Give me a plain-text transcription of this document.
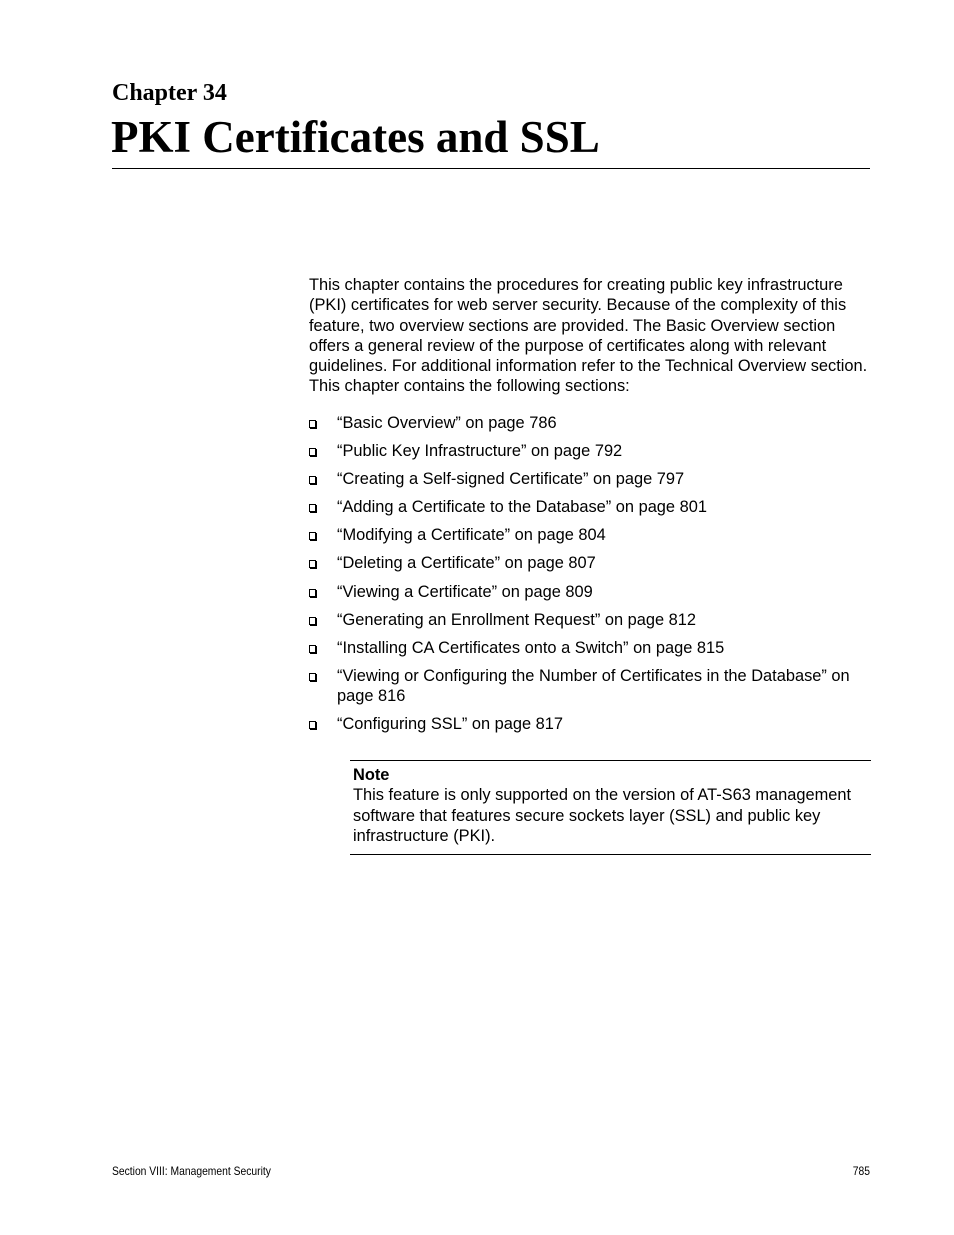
Chapter 34
PKI Certificates and SSL

This chapter contains the procedures for creating public key infrastructure (PKI) certificates for web server security. Because of the complexity of this feature, two overview sections are provided. The Basic Overview section offers a general review of the purpose of certificates along with relevant guidelines. For additional information refer to the Technical Overview section. This chapter contains the following sections:

“Basic Overview” on page 786
“Public Key Infrastructure” on page 792
“Creating a Self-signed Certificate” on page 797
“Adding a Certificate to the Database” on page 801
“Modifying a Certificate” on page 804
“Deleting a Certificate” on page 807
“Viewing a Certificate” on page 809
“Generating an Enrollment Request” on page 812
“Installing CA Certificates onto a Switch” on page 815
“Viewing or Configuring the Number of Certificates in the Database” on page 816
“Configuring SSL” on page 817
Note
This feature is only supported on the version of AT-S63 management software that features secure sockets layer (SSL) and public key infrastructure (PKI).
Section VIII: Management Security	785
